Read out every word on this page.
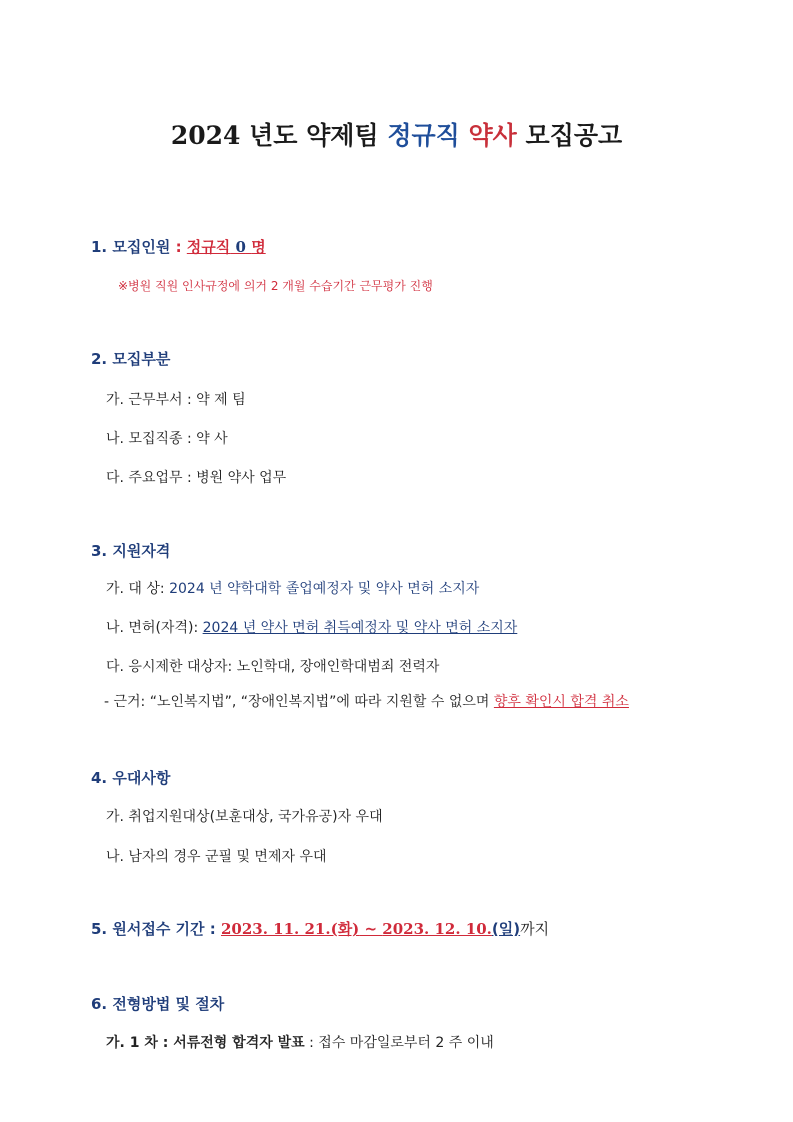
2024 년도 약제팀 정규직 약사 모집공고
1. 모집인원 : 정규직 0 명
※병원 직원 인사규정에 의거 2 개월 수습기간 근무평가 진행
2. 모집부분
가. 근무부서 : 약 제 팀
나. 모집직종 : 약 사
다. 주요업무 : 병원 약사 업무
3. 지원자격
가. 대 상: 2024 년 약학대학 졸업예정자 및 약사 면허 소지자
나. 면허(자격): 2024 년 약사 면허 취득예정자 및 약사 면허 소지자
다. 응시제한 대상자: 노인학대, 장애인학대범죄 전력자
- 근거: “노인복지법”, “장애인복지법”에 따라 지원할 수 없으며 향후 확인시 합격 취소
4. 우대사항
가. 취업지원대상(보훈대상, 국가유공)자 우대
나. 남자의 경우 군필 및 면제자 우대
5. 원서접수 기간 : 2023. 11. 21.(화) ~ 2023. 12. 10.(일)까지
6. 전형방법 및 절차
가. 1 차 : 서류전형 합격자 발표 : 접수 마감일로부터 2 주 이내
